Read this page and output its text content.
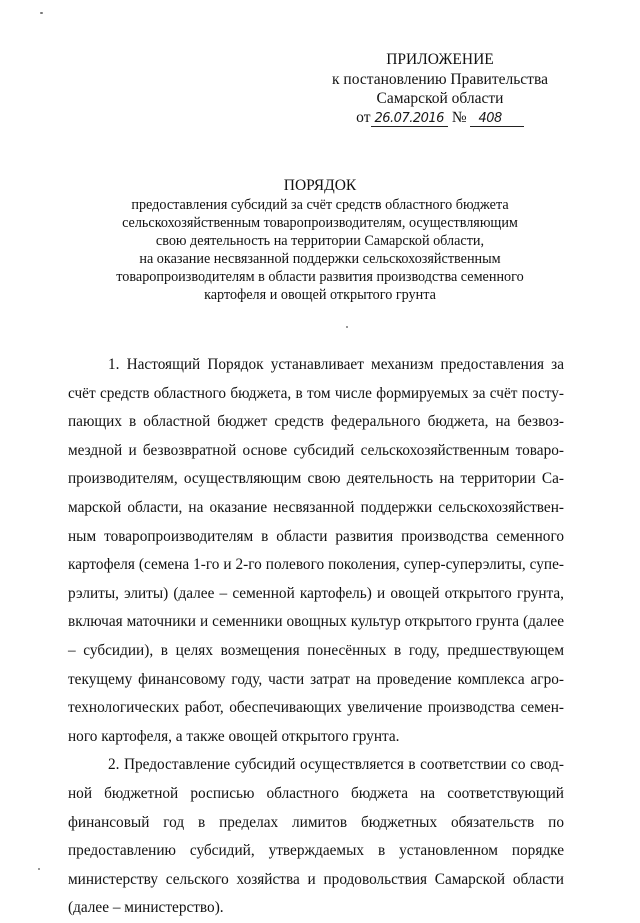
ПРИЛОЖЕНИЕ
к постановлению Правительства
Самарской области
от 26.07.2016 № 408
ПОРЯДОК
предоставления субсидий за счёт средств областного бюджета
сельскохозяйственным товаропроизводителям, осуществляющим
свою деятельность на территории Самарской области,
на оказание несвязанной поддержки сельскохозяйственным
товаропроизводителям в области развития производства семенного
картофеля и овощей открытого грунта

1. Настоящий Порядок устанавливает механизм предоставления за счёт средств областного бюджета, в том числе формируемых за счёт поступающих в областной бюджет средств федерального бюджета, на безвозмездной и безвозвратной основе субсидий сельскохозяйственным товаропроизводителям, осуществляющим свою деятельность на территории Самарской области, на оказание несвязанной поддержки сельскохозяйственным товаропроизводителям в области развития производства семенного картофеля (семена 1-го и 2-го полевого поколения, супер-суперэлиты, суперэлиты, элиты) (далее – семенной картофель) и овощей открытого грунта, включая маточники и семенники овощных культур открытого грунта (далее – субсидии), в целях возмещения понесённых в году, предшествующем текущему финансовому году, части затрат на проведение комплекса агротехнологических работ, обеспечивающих увеличение производства семенного картофеля, а также овощей открытого грунта.

2. Предоставление субсидий осуществляется в соответствии со сводной бюджетной росписью областного бюджета на соответствующий финансовый год в пределах лимитов бюджетных обязательств по предоставлению субсидий, утверждаемых в установленном порядке министерству сельского хозяйства и продовольствия Самарской области (далее – министерство).
